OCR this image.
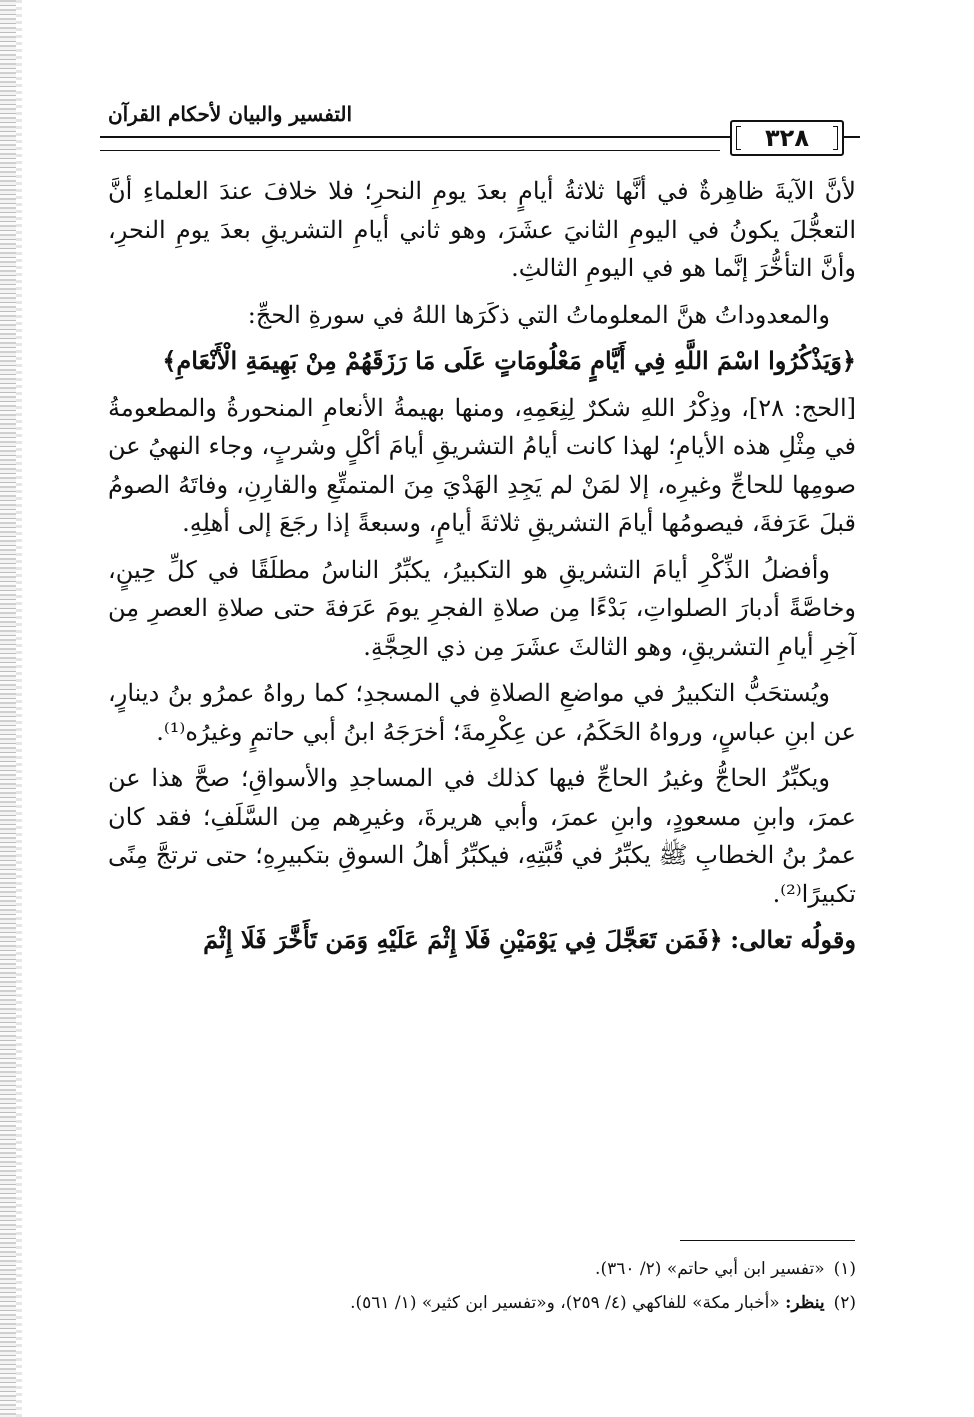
التفسير والبيان لأحكام القرآن
٣٢٨

لأنَّ الآيةَ ظاهِرةٌ في أنَّها ثلاثةُ أيامٍ بعدَ يومِ النحرِ؛ فلا خلافَ عندَ العلماءِ أنَّ التعجُّلَ يكونُ في اليومِ الثانيَ عشَرَ، وهو ثاني أيامِ التشريقِ بعدَ يومِ النحرِ، وأنَّ التأخُّرَ إنَّما هو في اليومِ الثالثِ.

والمعدوداتُ هنَّ المعلوماتُ التي ذكَرَها اللهُ في سورةِ الحجِّ:

﴿وَيَذْكُرُوا اسْمَ اللَّهِ فِي أَيَّامٍ مَعْلُومَاتٍ عَلَى مَا رَزَقَهُمْ مِنْ بَهِيمَةِ الْأَنْعَامِ﴾

[الحج: ٢٨]، وذِكْرُ اللهِ شكرٌ لِنِعَمِهِ، ومنها بهيمةُ الأنعامِ المنحورةُ والمطعومةُ في مِثْلِ هذه الأيامِ؛ لهذا كانت أيامُ التشريقِ أيامَ أكْلٍ وشربٍ، وجاء النهيُ عن صومِها للحاجِّ وغيرِه، إلا لمَنْ لم يَجِدِ الهَدْيَ مِنَ المتمتِّعِ والقارِنِ، وفاتَهُ الصومُ قبلَ عَرَفةَ، فيصومُها أيامَ التشريقِ ثلاثةَ أيامٍ، وسبعةً إذا رجَعَ إلى أهلِهِ.

وأفضلُ الذِّكْرِ أيامَ التشريقِ هو التكبيرُ، يكبِّرُ الناسُ مطلَقًا في كلِّ حِينٍ، وخاصَّةً أدبارَ الصلواتِ، بَدْءًا مِن صلاةِ الفجرِ يومَ عَرَفةَ حتى صلاةِ العصرِ مِن آخِرِ أيامِ التشريقِ، وهو الثالثَ عشَرَ مِن ذي الحِجَّةِ.

ويُستحَبُّ التكبيرُ في مواضعِ الصلاةِ في المسجدِ؛ كما رواهُ عمرُو بنُ دينارٍ، عن ابنِ عباسٍ، ورواهُ الحَكَمُ، عن عِكْرِمةَ؛ أخرَجَهُ ابنُ أبي حاتمٍ وغيرُه⁽¹⁾.

ويكبِّرُ الحاجُّ وغيرُ الحاجِّ فيها كذلك في المساجدِ والأسواقِ؛ صحَّ هذا عن عمرَ، وابنِ مسعودٍ، وابنِ عمرَ، وأبي هريرةَ، وغيرِهم مِن السَّلَفِ؛ فقد كان عمرُ بنُ الخطابِ ﷺ يكبِّرُ في قُبَّتِهِ، فيكبِّرُ أهلُ السوقِ بتكبيرِهِ؛ حتى ترتجَّ مِنًى تكبيرًا⁽²⁾.

وقولُه تعالى: ﴿فَمَن تَعَجَّلَ فِي يَوْمَيْنِ فَلَا إِثْمَ عَلَيْهِ وَمَن تَأَخَّرَ فَلَا إِثْمَ

(١) «تفسير ابن أبي حاتم» (٢/ ٣٦٠).
(٢) ينظر: «أخبار مكة» للفاكهي (٤/ ٢٥٩)، و«تفسير ابن كثير» (١/ ٥٦١).
